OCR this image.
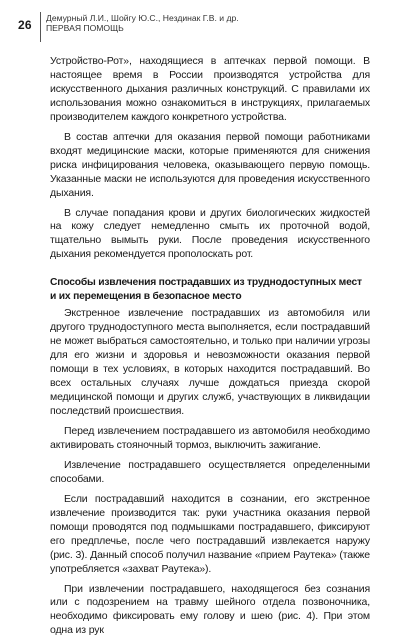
26 Демурный Л.И., Шойгу Ю.С., Нездинак Г.В. и др.
ПЕРВАЯ ПОМОЩЬ

Устройство-Рот», находящиеся в аптечках первой помощи. В настоящее время в России производятся устройства для искусственного дыхания различных конструкций. С правилами их использования можно ознакомиться в инструкциях, прилагаемых производителем каждого конкретного устройства.

В состав аптечки для оказания первой помощи работниками входят медицинские маски, которые применяются для снижения риска инфицирования человека, оказывающего первую помощь. Указанные маски не используются для проведения искусственного дыхания.

В случае попадания крови и других биологических жидкостей на кожу следует немедленно смыть их проточной водой, тщательно вымыть руки. После проведения искусственного дыхания рекомендуется прополоскать рот.

Способы извлечения пострадавших из труднодоступных мест и их перемещения в безопасное место

Экстренное извлечение пострадавших из автомобиля или другого труднодоступного места выполняется, если пострадавший не может выбраться самостоятельно, и только при наличии угрозы для его жизни и здоровья и невозможности оказания первой помощи в тех условиях, в которых находится пострадавший. Во всех остальных случаях лучше дождаться приезда скорой медицинской помощи и других служб, участвующих в ликвидации последствий происшествия.

Перед извлечением пострадавшего из автомобиля необходимо активировать стояночный тормоз, выключить зажигание.

Извлечение пострадавшего осуществляется определенными способами.

Если пострадавший находится в сознании, его экстренное извлечение производится так: руки участника оказания первой помощи проводятся под подмышками пострадавшего, фиксируют его предплечье, после чего пострадавший извлекается наружу (рис. 3). Данный способ получил название «прием Раутека» (также употребляется «захват Раутека»).

При извлечении пострадавшего, находящегося без сознания или с подозрением на травму шейного отдела позвоночника, необходимо фиксировать ему голову и шею (рис. 4). При этом одна из рук
